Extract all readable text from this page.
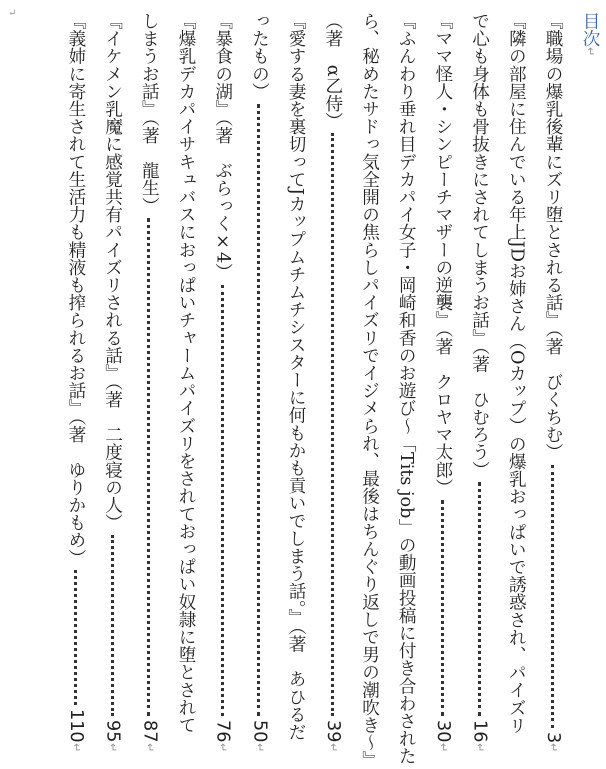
目次
↵
『職場の爆乳後輩にズリ堕とされる話』（著　びくちむ）
3
↵
『隣の部屋に住んでいる年上JDお姉さん（Oカップ）の爆乳おっぱいで誘惑され、パイズリ
で心も身体も骨抜きにされてしまうお話』（著　ひむろう）
16
↵
『ママ怪人・シンピーチマザーの逆襲』（著　クロヤマ太郎）
30
↵
『ふんわり垂れ目デカパイ女子・岡崎和香のお遊び～「Tits job」の動画投稿に付き合わされた
ら、秘めたサドっ気全開の焦らしパイズリでイジメられ、最後はちんぐり返しで男の潮吹き～』
（著　α乙侍）
39
↵
『愛する妻を裏切ってJカップムチムチシスターに何もかも貢いでしまう話。』（著　あひるだ
ったもの）
50
↵
『暴食の湖』（著　ぶらっく×4）
76
↵
『爆乳デカパイサキュバスにおっぱいチャームパイズリをされておっぱい奴隷に堕とされて
しまうお話』（著　龍生）
87
↵
『イケメン乳魔に感覚共有パイズリされる話』（著　二度寝の人）
95
↵
『義姉に寄生されて生活力も精液も搾られるお話』（著　ゆりかもめ）
110
↵
↵
